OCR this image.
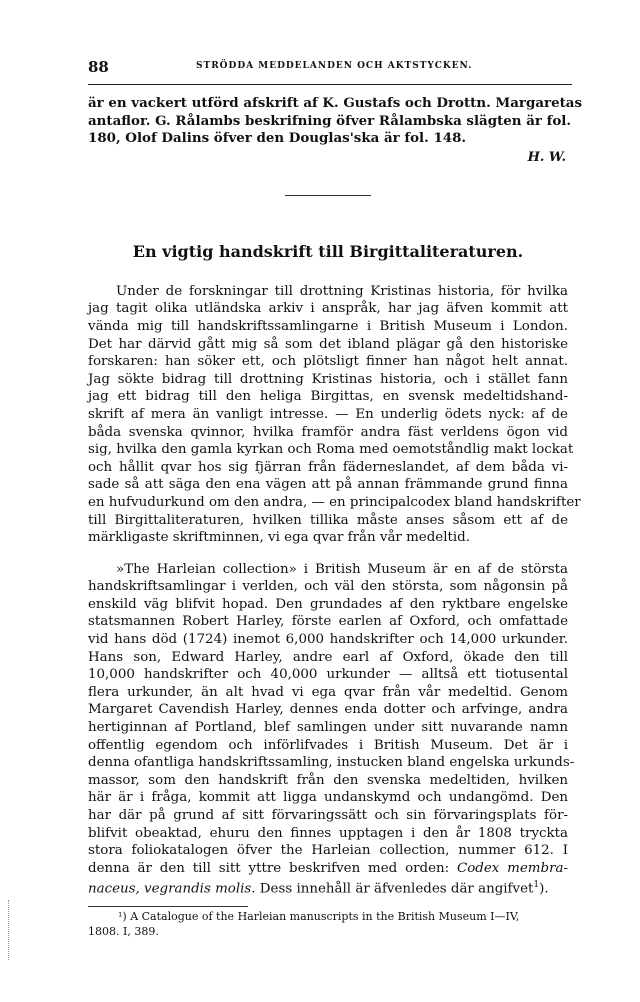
88	STRÖDDA MEDDELANDEN OCH AKTSTYCKEN.
är en vackert utförd afskrift af K. Gustafs och Drottn. Margaretas
antaflor. G. Rålambs beskrifning öfver Rålambska slägten är fol.
180, Olof Dalins öfver den Douglas'ska är fol. 148.
H. W.
En vigtig handskrift till Birgittaliteraturen.
Under de forskningar till drottning Kristinas historia, för hvilka
jag tagit olika utländska arkiv i anspråk, har jag äfven kommit att
vända mig till handskriftssamlingarne i British Museum i London.
Det har därvid gått mig så som det ibland plägar gå den historiske
forskaren: han söker ett, och plötsligt finner han något helt annat.
Jag sökte bidrag till drottning Kristinas historia, och i stället fann
jag ett bidrag till den heliga Birgittas, en svensk medeltidshand-
skrift af mera än vanligt intresse. — En underlig ödets nyck: af de
båda svenska qvinnor, hvilka framför andra fäst verldens ögon vid
sig, hvilka den gamla kyrkan och Roma med oemotståndlig makt lockat
och hållit qvar hos sig fjärran från fäderneslandet, af dem båda vi-
sade så att säga den ena vägen att på annan främmande grund finna
en hufvudurkund om den andra, — en principalcodex bland handskrifter
till Birgittaliteraturen, hvilken tillika måste anses såsom ett af de
märkligaste skriftminnen, vi ega qvar från vår medeltid.
»The Harleian collection» i British Museum är en af de största
handskriftsamlingar i verlden, och väl den största, som någonsin på
enskild väg blifvit hopad. Den grundades af den ryktbare engelske
statsmannen Robert Harley, förste earlen af Oxford, och omfattade
vid hans död (1724) inemot 6,000 handskrifter och 14,000 urkunder.
Hans son, Edward Harley, andre earl af Oxford, ökade den till
10,000 handskrifter och 40,000 urkunder — alltså ett tiotusental
flera urkunder, än alt hvad vi ega qvar från vår medeltid. Genom
Margaret Cavendish Harley, dennes enda dotter och arfvinge, andra
hertiginnan af Portland, blef samlingen under sitt nuvarande namn
offentlig egendom och införlifvades i British Museum. Det är i
denna ofantliga handskriftssamling, instucken bland engelska urkunds-
massor, som den handskrift från den svenska medeltiden, hvilken
här är i fråga, kommit att ligga undanskymd och undangömd. Den
har där på grund af sitt förvaringssätt och sin förvaringsplats för-
blifvit obeaktad, ehuru den finnes upptagen i den år 1808 tryckta
stora foliokatalogen öfver the Harleian collection, nummer 612. I
denna är den till sitt yttre beskrifven med orden: Codex membra-
naceus, vegrandis molis. Dess innehåll är äfvenledes där angifvet$^1$).
¹) A Catalogue of the Harleian manuscripts in the British Museum I—IV,
1808. I, 389.
